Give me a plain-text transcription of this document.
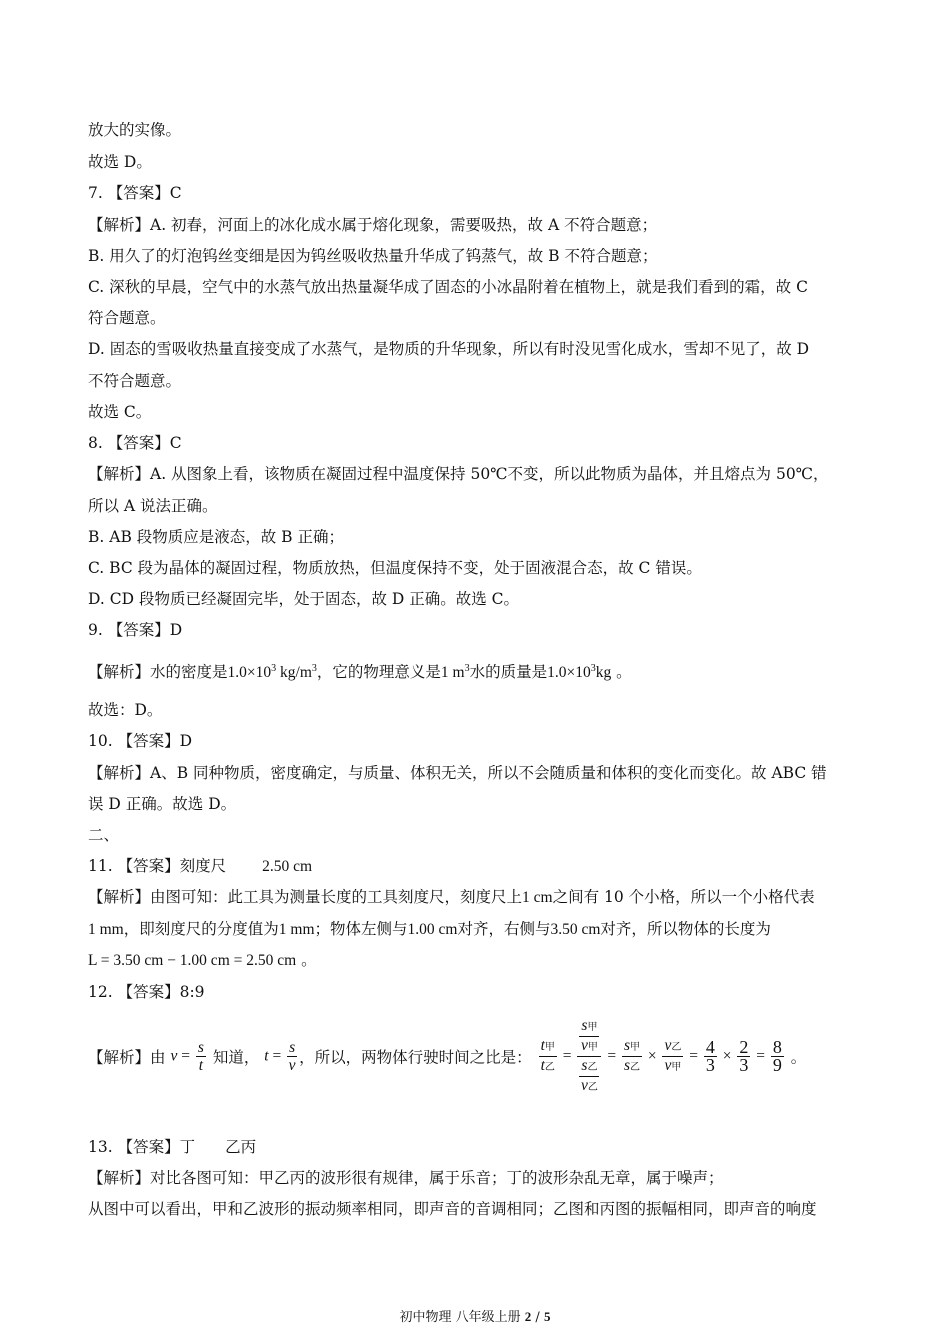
放大的实像。
故选 D。
7. 【答案】C
【解析】A. 初春，河面上的冰化成水属于熔化现象，需要吸热，故 A 不符合题意；
B. 用久了的灯泡钨丝变细是因为钨丝吸收热量升华成了钨蒸气，故 B 不符合题意；
C. 深秋的早晨，空气中的水蒸气放出热量凝华成了固态的小冰晶附着在植物上，就是我们看到的霜，故 C
符合题意。
D. 固态的雪吸收热量直接变成了水蒸气，是物质的升华现象，所以有时没见雪化成水，雪却不见了，故 D
不符合题意。
故选 C。
8. 【答案】C
【解析】A. 从图象上看，该物质在凝固过程中温度保持 50℃不变，所以此物质为晶体，并且熔点为 50℃，
所以 A 说法正确。
B. AB 段物质应是液态，故 B 正确；
C. BC 段为晶体的凝固过程，物质放热，但温度保持不变，处于固液混合态，故 C 错误。
D. CD 段物质已经凝固完毕，处于固态，故 D 正确。故选 C。
9. 【答案】D
【解析】水的密度是$1.0\times 10^3$ $kg/m^3$，它的物理意义是1 $m^3$水的质量是$1.0\times 10^3kg$ 。
故选：D。
10. 【答案】D
【解析】A、B 同种物质，密度确定，与质量、体积无关，所以不会随质量和体积的变化而变化。故 ABC 错
误 D 正确。故选 D。
二、
11. 【答案】刻度尺 2.50 cm
【解析】由图可知：此工具为测量长度的工具刻度尺，刻度尺上1 cm之间有 10 个小格，所以一个小格代表
1 mm，即刻度尺的分度值为1 mm；物体左侧与1.00 cm对齐，右侧与3.50 cm对齐，所以物体的长度为
L = 3.50 cm − 1.00 cm = 2.50 cm 。
12. 【答案】8:9
【解析】由 $v = \frac{s}{t}$ 知道， $t = \frac{s}{v}$ ，所以，两物体行驶时间之比是： $\frac{\text{t甲}}{\text{t乙}} = \frac{\frac{\text{s甲}}{\text{v甲}}}{\frac{\text{s乙}}{\text{v乙}}} = \frac{\text{s甲}}{\text{s乙}} \times \frac{\text{v乙}}{\text{v甲}} = \frac{4}{3} \times \frac{2}{3} = \frac{8}{9}$ 。
13. 【答案】丁 乙丙
【解析】对比各图可知：甲乙丙的波形很有规律，属于乐音；丁的波形杂乱无章，属于噪声；
从图中可以看出，甲和乙波形的振动频率相同，即声音的音调相同；乙图和丙图的振幅相同，即声音的响度
初中物理 八年级上册 2 / 5
